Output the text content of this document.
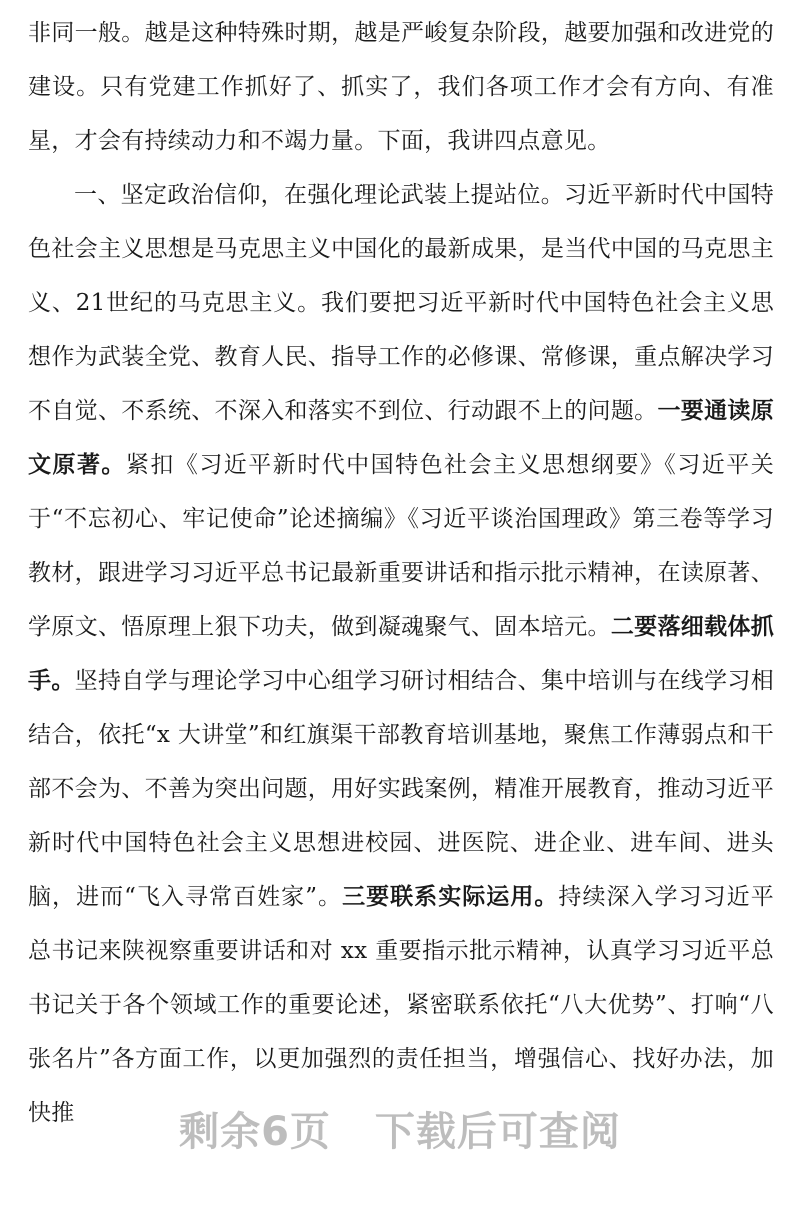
非同一般。越是这种特殊时期，越是严峻复杂阶段，越要加强和改进党的建设。只有党建工作抓好了、抓实了，我们各项工作才会有方向、有准星，才会有持续动力和不竭力量。下面，我讲四点意见。

一、坚定政治信仰，在强化理论武装上提站位。习近平新时代中国特色社会主义思想是马克思主义中国化的最新成果，是当代中国的马克思主义、21世纪的马克思主义。我们要把习近平新时代中国特色社会主义思想作为武装全党、教育人民、指导工作的必修课、常修课，重点解决学习不自觉、不系统、不深入和落实不到位、行动跟不上的问题。一要通读原文原著。紧扣《习近平新时代中国特色社会主义思想纲要》《习近平关于“不忘初心、牢记使命”论述摘编》《习近平谈治国理政》第三卷等学习教材，跟进学习习近平总书记最新重要讲话和指示批示精神，在读原著、学原文、悟原理上狠下功夫，做到凝魂聚气、固本培元。二要落细载体抓手。坚持自学与理论学习中心组学习研讨相结合、集中培训与在线学习相结合，依托“x 大讲堂”和红旗渠干部教育培训基地，聚焦工作薄弱点和干部不会为、不善为突出问题，用好实践案例，精准开展教育，推动习近平新时代中国特色社会主义思想进校园、进医院、进企业、进车间、进头脑，进而“飞入寻常百姓家”。三要联系实际运用。持续深入学习习近平总书记来陕视察重要讲话和对 xx 重要指示批示精神，认真学习习近平总书记关于各个领域工作的重要论述，紧密联系依托“八大优势”、打响“八张名片”各方面工作，以更加强烈的责任担当，增强信心、找好办法，加快推	剩余6页 下载后可查阅
